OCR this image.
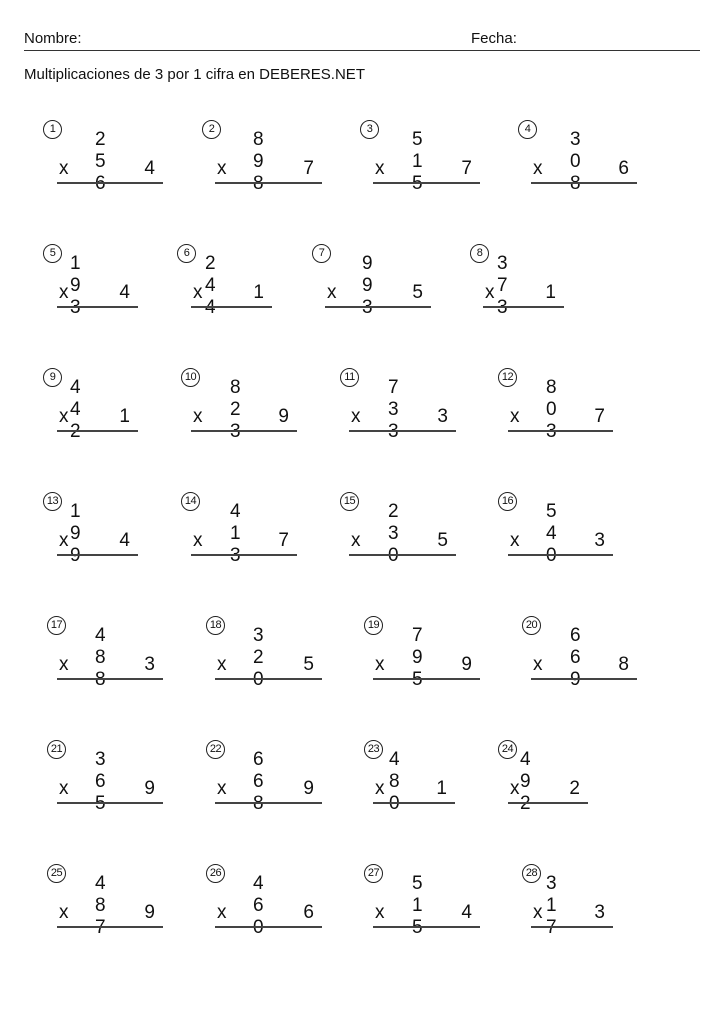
Nombre:	Fecha:
Multiplicaciones de 3 por 1 cifra en DEBERES.NET
1	2 5 6
x	4
2	8 9 8
x	7
3	5 1 5
x	7
4	3 0 8
x	6
5 1 9 3
x	4
6 2 4 4
x	1
7	9 9 3
x	5
8 3 7 3
x	1
9 4 4 2
x	1
10 8 2 3
x	9
11 7 3 3
x	3
12 8 0 3
x	7
13 1 9 9
x	4
14 4 1 3
x	7
15 2 3 0
x	5
16 5 4 0
x	3
17 4 8 8
x	3
18 3 2 0
x	5
19 7 9 5
x	9
20 6 6 9
x	8
21 3 6 5
x	9
22 6 6 8
x	9
23 4 8 0
x	1
24 4 9 2
x	2
25 4 8 7
x	9
26 4 6 0
x	6
27 5 1 5
x	4
28 3 1 7
x	3
